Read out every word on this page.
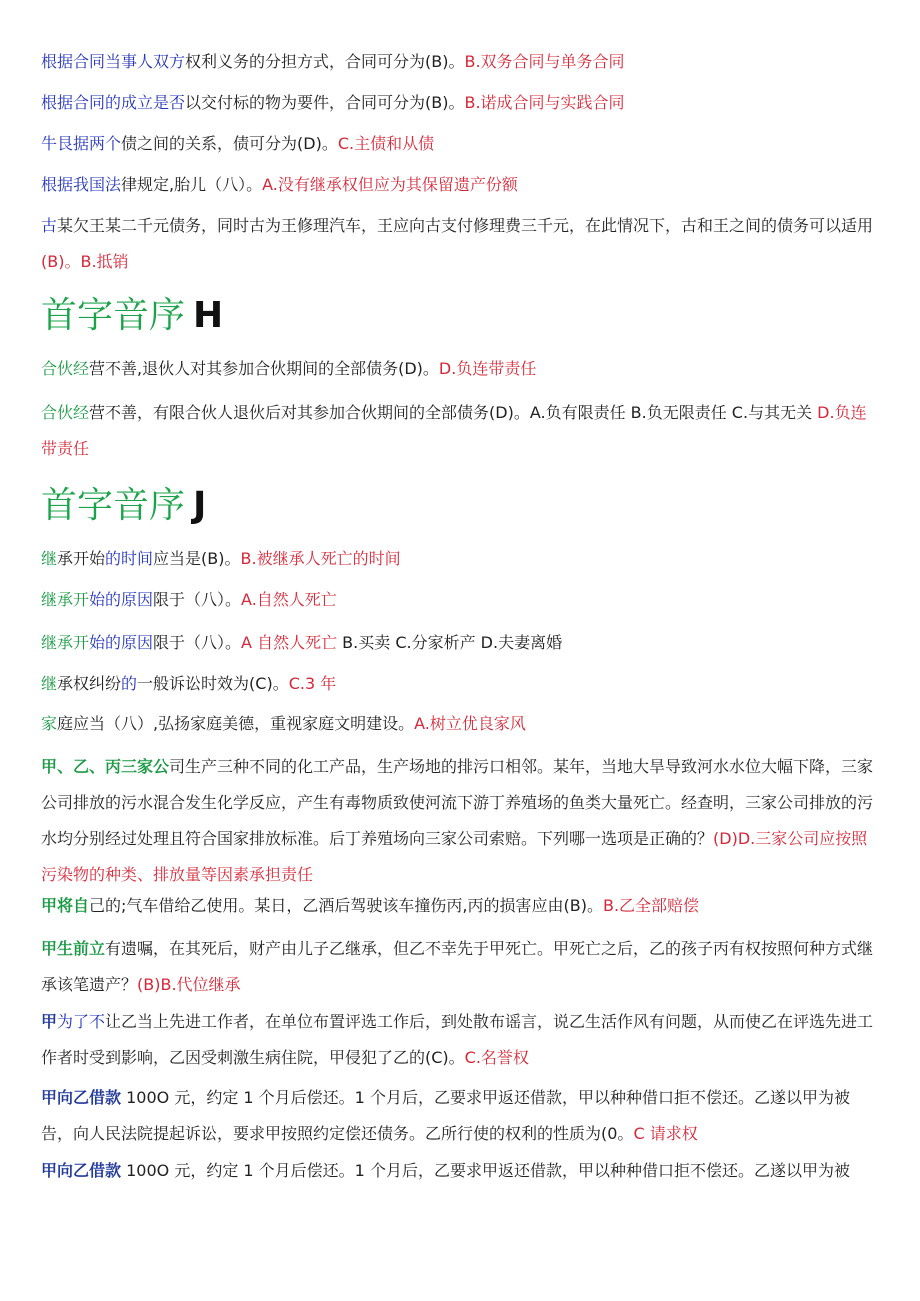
根据合同当事人双方权利义务的分担方式，合同可分为(B)。B.双务合同与单务合同

根据合同的成立是否以交付标的物为要件，合同可分为(B)。B.诺成合同与实践合同

牛艮据两个债之间的关系，债可分为(D)。C.主债和从债

根据我国法律规定,胎儿（八）。A.没有继承权但应为其保留遗产份额

古某欠王某二千元债务，同时古为王修理汽车，王应向古支付修理费三千元，在此情况下，古和王之间的债务可以适用(B)。B.抵销

首字音序 H

合伙经营不善,退伙人对其参加合伙期间的全部债务(D)。D.负连带责任

合伙经营不善，有限合伙人退伙后对其参加合伙期间的全部债务(D)。A.负有限责任 B.负无限责任 C.与其无关 D.负连带责任

首字音序 J

继承开始的时间应当是(B)。B.被继承人死亡的时间

继承开始的原因限于（八）。A.自然人死亡

继承开始的原因限于（八）。A 自然人死亡 B.买卖 C.分家析产 D.夫妻离婚

继承权纠纷的一般诉讼时效为(C)。C.3 年

家庭应当（八）,弘扬家庭美德，重视家庭文明建设。A.树立优良家风

甲、乙、丙三家公司生产三种不同的化工产品，生产场地的排污口相邻。某年，当地大旱导致河水水位大幅下降，三家公司排放的污水混合发生化学反应，产生有毒物质致使河流下游丁养殖场的鱼类大量死亡。经查明，三家公司排放的污水均分别经过处理且符合国家排放标准。后丁养殖场向三家公司索赔。下列哪一选项是正确的？(D)D.三家公司应按照污染物的种类、排放量等因素承担责任

甲将自己的;气车借给乙使用。某日，乙酒后驾驶该车撞伤丙,丙的损害应由(B)。B.乙全部赔偿

甲生前立有遗嘱，在其死后，财产由儿子乙继承，但乙不幸先于甲死亡。甲死亡之后，乙的孩子丙有权按照何种方式继承该笔遗产？(B)B.代位继承

甲为了不让乙当上先进工作者，在单位布置评选工作后，到处散布谣言，说乙生活作风有问题，从而使乙在评选先进工作者时受到影响，乙因受刺激生病住院，甲侵犯了乙的(C)。C.名誉权

甲向乙借款 100O 元，约定 1 个月后偿还。1 个月后，乙要求甲返还借款，甲以种种借口拒不偿还。乙遂以甲为被告，向人民法院提起诉讼，要求甲按照约定偿还债务。乙所行使的权利的性质为(0。C 请求权

甲向乙借款 100O 元，约定 1 个月后偿还。1 个月后，乙要求甲返还借款，甲以种种借口拒不偿还。乙遂以甲为被
